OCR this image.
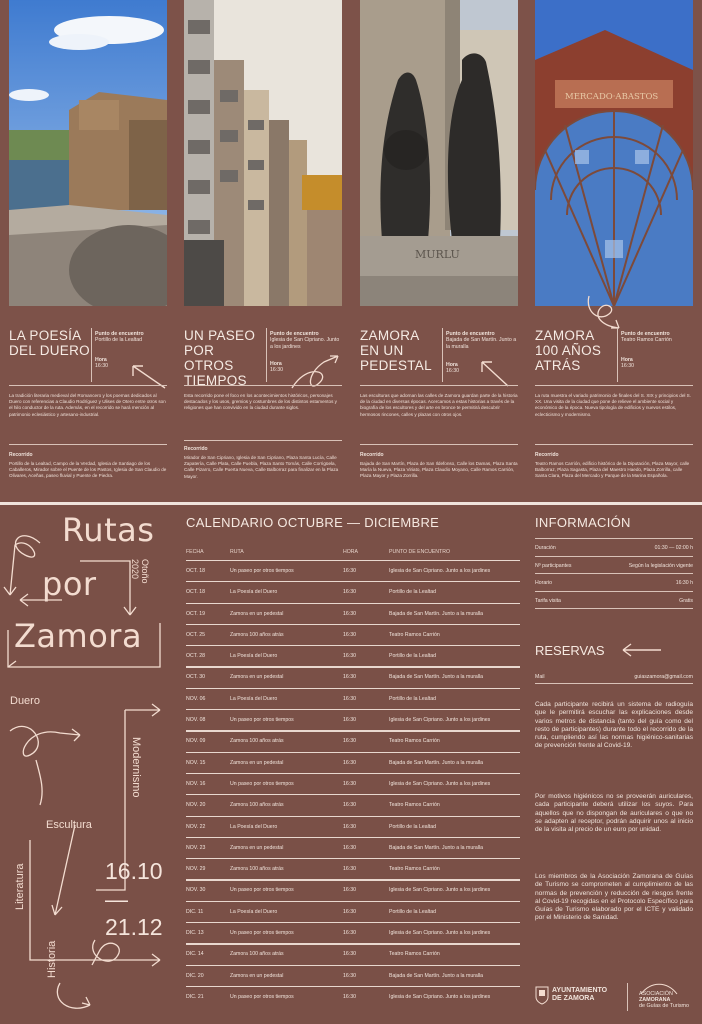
LA POESÍA DEL DUERO
Punto de encuentro
Portillo de la Lealtad
Hora
16:30
La tradición literaria medieval del Romancero y los poemas dedicados al Duero con referencias a Claudio Rodríguez y Ulises de Otero entre otros son el hilo conductor de la ruta. Además, en el recorrido se hará mención al patrimonio eclesiástico y artesano-industrial.
Recorrido
Portillo de la Lealtad, Campo de la Verdad, Iglesia de Santiago de los Caballeros, Mirador sobre el Puente de los Pastos, Iglesia de San Claudio de Olivares, Aceñas, paseo fluvial y Puente de Piedra.
UN PASEO POR OTROS TIEMPOS
Punto de encuentro
Iglesia de San Cipriano. Junto a los jardines
Hora
16:30
Esta recorrido pone el foco en los acontecimientos históricos, personajes destacados y los usos, gremios y costumbres de los distintos estamentos y religiones que han convivido en la ciudad durante siglos.
Recorrido
Mirador de San Cipriano, Iglesia de San Cipriano, Plaza Santa Lucía, Calle Zapatería, Calle Plata, Calle Puebla, Plaza Santo Tomás, Calle Corrigüela, Calle Pizarro, Calle Puerta Nueva, Calle Balborraz para finalizar en la Plaza Mayor.
MURLU
ZAMORA EN UN PEDESTAL
Punto de encuentro
Bajada de San Martín. Junto a la muralla
Hora
16:30
Las esculturas que adornan las calles de Zamora guardan parte de la historia de la ciudad en diversas épocas. Acercamos a estas historias a través de la biografía de los escultores y del arte en bronce te permitirá descubrir hermosos rincones, calles y plazas con otros ojos.
Recorrido
Bajada de San Martín, Plaza de San Ildefonso, Calle los Damas, Plaza Santa María la Nueva, Plaza Viriato, Plaza Claudio Moyano, Calle Ramos Carrión, Plaza Mayor y Plaza Zorrilla.
MERCADO·ABASTOS
ZAMORA 100 AÑOS ATRÁS
Punto de encuentro
Teatro Ramos Carrión
Hora
16:30
La ruta muestra el variado patrimonio de finales del S. XIX y principios del S. XX. Una visita de la ciudad que pone de relieve el ambiente social y económico de la época. Nueva tipología de edificios y nuevos estilos, eclecticismo y modernismo.
Recorrido
Teatro Ramos Carrión, edificio histórico de la Diputación, Plaza Mayor, calle Balborraz, Plaza Sagasta, Plaza del Maestro Haedo, Plaza Zorrilla, calle Santa Clara, Plaza del Mercado y Parque de la Marina Española.
Rutas
por
Zamora
Otoño 2020
Duero
Modernismo
Escultura
Literatura
Historia
16.10
—21.12
CALENDARIO OCTUBRE — DICIEMBRE
FECHA	RUTA	HORA	PUNTO DE ENCUENTRO
OCT. 18	Un paseo por otros tiempos	16:30	Iglesia de San Cipriano. Junto a los jardines
OCT. 18	La Poesía del Duero	16:30	Portillo de la Lealtad
OCT. 19	Zamora en un pedestal	16:30	Bajada de San Martín. Junto a la muralla
OCT. 25	Zamora 100 años atrás	16:30	Teatro Ramos Carrión
OCT. 28	La Poesía del Duero	16:30	Portillo de la Lealtad
OCT. 30	Zamora en un pedestal	16:30	Bajada de San Martín. Junto a la muralla
NOV. 06	La Poesía del Duero	16:30	Portillo de la Lealtad
NOV. 08	Un paseo por otros tiempos	16:30	Iglesia de San Cipriano. Junto a los jardines
NOV. 09	Zamora 100 años atrás	16:30	Teatro Ramos Carrión
NOV. 15	Zamora en un pedestal	16:30	Bajada de San Martín. Junto a la muralla
NOV. 16	Un paseo por otros tiempos	16:30	Iglesia de San Cipriano. Junto a los jardines
NOV. 20	Zamora 100 años atrás	16:30	Teatro Ramos Carrión
NOV. 22	La Poesía del Duero	16:30	Portillo de la Lealtad
NOV. 23	Zamora en un pedestal	16:30	Bajada de San Martín. Junto a la muralla
NOV. 29	Zamora 100 años atrás	16:30	Teatro Ramos Carrión
NOV. 30	Un paseo por otros tiempos	16:30	Iglesia de San Cipriano. Junto a los jardines
DIC. 11	La Poesía del Duero	16:30	Portillo de la Lealtad
DIC. 13	Un paseo por otros tiempos	16:30	Iglesia de San Cipriano. Junto a los jardines
DIC. 14	Zamora 100 años atrás	16:30	Teatro Ramos Carrión
DIC. 20	Zamora en un pedestal	16:30	Bajada de San Martín. Junto a la muralla
DIC. 21	Un paseo por otros tiempos	16:30	Iglesia de San Cipriano. Junto a los jardines
INFORMACIÓN
Duración	01:30 — 02:00 h
Nº participantes	Según la legislación vigente
Horario	16:30 h
Tarifa visita	Gratis
RESERVAS
Mail	guiaszamora@gmail.com
Cada participante recibirá un sistema de radioguía que le permitirá escuchar las explicaciones desde varios metros de distancia (tanto del guía como del resto de participantes) durante todo el recorrido de la ruta, cumpliendo así las normas higiénico-sanitarias de prevención frente al Covid-19.
Por motivos higiénicos no se proveerán auriculares, cada participante deberá utilizar los suyos. Para aquellos que no dispongan de auriculares o que no se adapten al receptor, podrán adquirir unos al inicio de la visita al precio de un euro por unidad.
Los miembros de la Asociación Zamorana de Guías de Turismo se comprometen al cumplimiento de las normas de prevención y reducción de riesgos frente al Covid-19 recogidas en el Protocolo Específico para Guías de Turismo elaborado por el ICTE y validado por el Ministerio de Sanidad.
AYUNTAMIENTO
DE ZAMORA
ASOCIACIÓN
ZAMORANA
de Guías de Turismo
